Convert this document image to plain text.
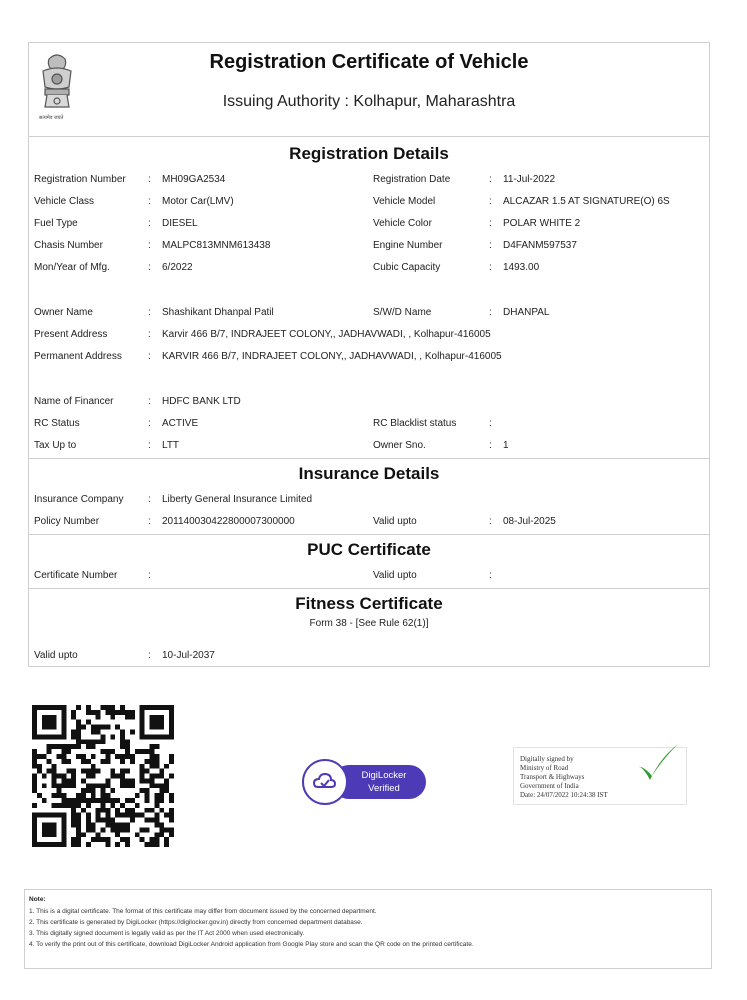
सत्यमेव जयते
Registration Certificate of Vehicle
Issuing Authority : Kolhapur, Maharashtra
Registration Details
Registration Number : MH09GA2534	Registration Date	: 11-Jul-2022
Vehicle Class	: Motor Car(LMV)	Vehicle Model	: ALCAZAR 1.5 AT SIGNATURE(O) 6S
Fuel Type	: DIESEL	Vehicle Color	: POLAR WHITE 2
Chasis Number	: MALPC813MNM613438	Engine Number	: D4FANM597537
Mon/Year of Mfg.	: 6/2022	Cubic Capacity	: 1493.00
Owner Name	: Shashikant Dhanpal Patil	S/W/D Name	: DHANPAL
Present Address	: Karvir 466 B/7, INDRAJEET COLONY,, JADHAVWADI, , Kolhapur-416005
Permanent Address	: KARVIR 466 B/7, INDRAJEET COLONY,, JADHAVWADI, , Kolhapur-416005
Name of Financer	: HDFC BANK LTD
RC Status	: ACTIVE	RC Blacklist status	:
Tax Up to	: LTT	Owner Sno.	: 1
Insurance Details
Insurance Company : Liberty General Insurance Limited
Policy Number	: 201140030422800007300000	Valid upto	: 08-Jul-2025
PUC Certificate
Certificate Number	:	Valid upto	:
Fitness Certificate
Form 38 - [See Rule 62(1)]
Valid upto	: 10-Jul-2037
DigiLocker
Verified
Digitally signed by
Ministry of Road
Transport & Highways
Government of India
Date: 24/07/2022 10:24:38 IST
Note:
1. This is a digital certificate. The format of this certificate may differ from document issued by the concerned department.
2. This certificate is generated by DigiLocker (https://digilocker.gov.in) directly from concerned department database.
3. This digitally signed document is legally valid as per the IT Act 2000 when used electronically.
4. To verify the print out of this certificate, download DigiLocker Android application from Google Play store and scan the QR code on the printed certificate.
